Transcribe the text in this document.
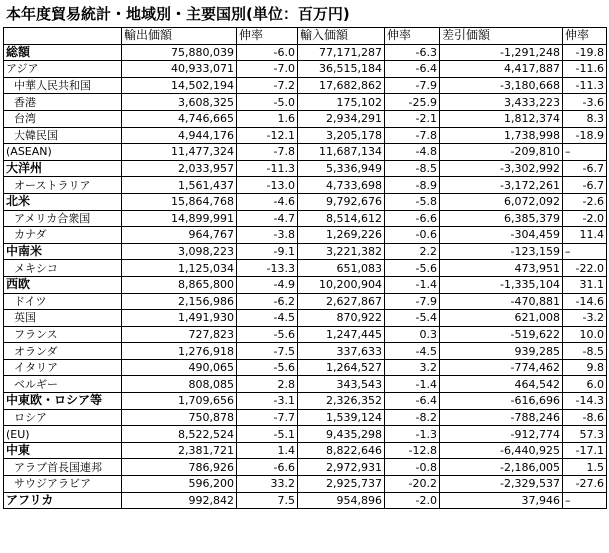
本年度貿易統計・地域別・主要国別(単位：百万円)
	輸出価額	伸率	輸入価額	伸率	差引価額	伸率
総額	75,880,039	-6.0	77,171,287	-6.3	-1,291,248	-19.8
アジア	40,933,071	-7.0	36,515,184	-6.4	4,417,887	-11.6
中華人民共和国	14,502,194	-7.2	17,682,862	-7.9	-3,180,668	-11.3
香港	3,608,325	-5.0	175,102	-25.9	3,433,223	-3.6
台湾	4,746,665	1.6	2,934,291	-2.1	1,812,374	8.3
大韓民国	4,944,176	-12.1	3,205,178	-7.8	1,738,998	-18.9
(ASEAN)	11,477,324	-7.8	11,687,134	-4.8	-209,810	–
大洋州	2,033,957	-11.3	5,336,949	-8.5	-3,302,992	-6.7
オーストラリア	1,561,437	-13.0	4,733,698	-8.9	-3,172,261	-6.7
北米	15,864,768	-4.6	9,792,676	-5.8	6,072,092	-2.6
アメリカ合衆国	14,899,991	-4.7	8,514,612	-6.6	6,385,379	-2.0
カナダ	964,767	-3.8	1,269,226	-0.6	-304,459	11.4
中南米	3,098,223	-9.1	3,221,382	2.2	-123,159	–
メキシコ	1,125,034	-13.3	651,083	-5.6	473,951	-22.0
西欧	8,865,800	-4.9	10,200,904	-1.4	-1,335,104	31.1
ドイツ	2,156,986	-6.2	2,627,867	-7.9	-470,881	-14.6
英国	1,491,930	-4.5	870,922	-5.4	621,008	-3.2
フランス	727,823	-5.6	1,247,445	0.3	-519,622	10.0
オランダ	1,276,918	-7.5	337,633	-4.5	939,285	-8.5
イタリア	490,065	-5.6	1,264,527	3.2	-774,462	9.8
ベルギー	808,085	2.8	343,543	-1.4	464,542	6.0
中東欧・ロシア等	1,709,656	-3.1	2,326,352	-6.4	-616,696	-14.3
ロシア	750,878	-7.7	1,539,124	-8.2	-788,246	-8.6
(EU)	8,522,524	-5.1	9,435,298	-1.3	-912,774	57.3
中東	2,381,721	1.4	8,822,646	-12.8	-6,440,925	-17.1
アラブ首長国連邦	786,926	-6.6	2,972,931	-0.8	-2,186,005	1.5
サウジアラビア	596,200	33.2	2,925,737	-20.2	-2,329,537	-27.6
アフリカ	992,842	7.5	954,896	-2.0	37,946	–
